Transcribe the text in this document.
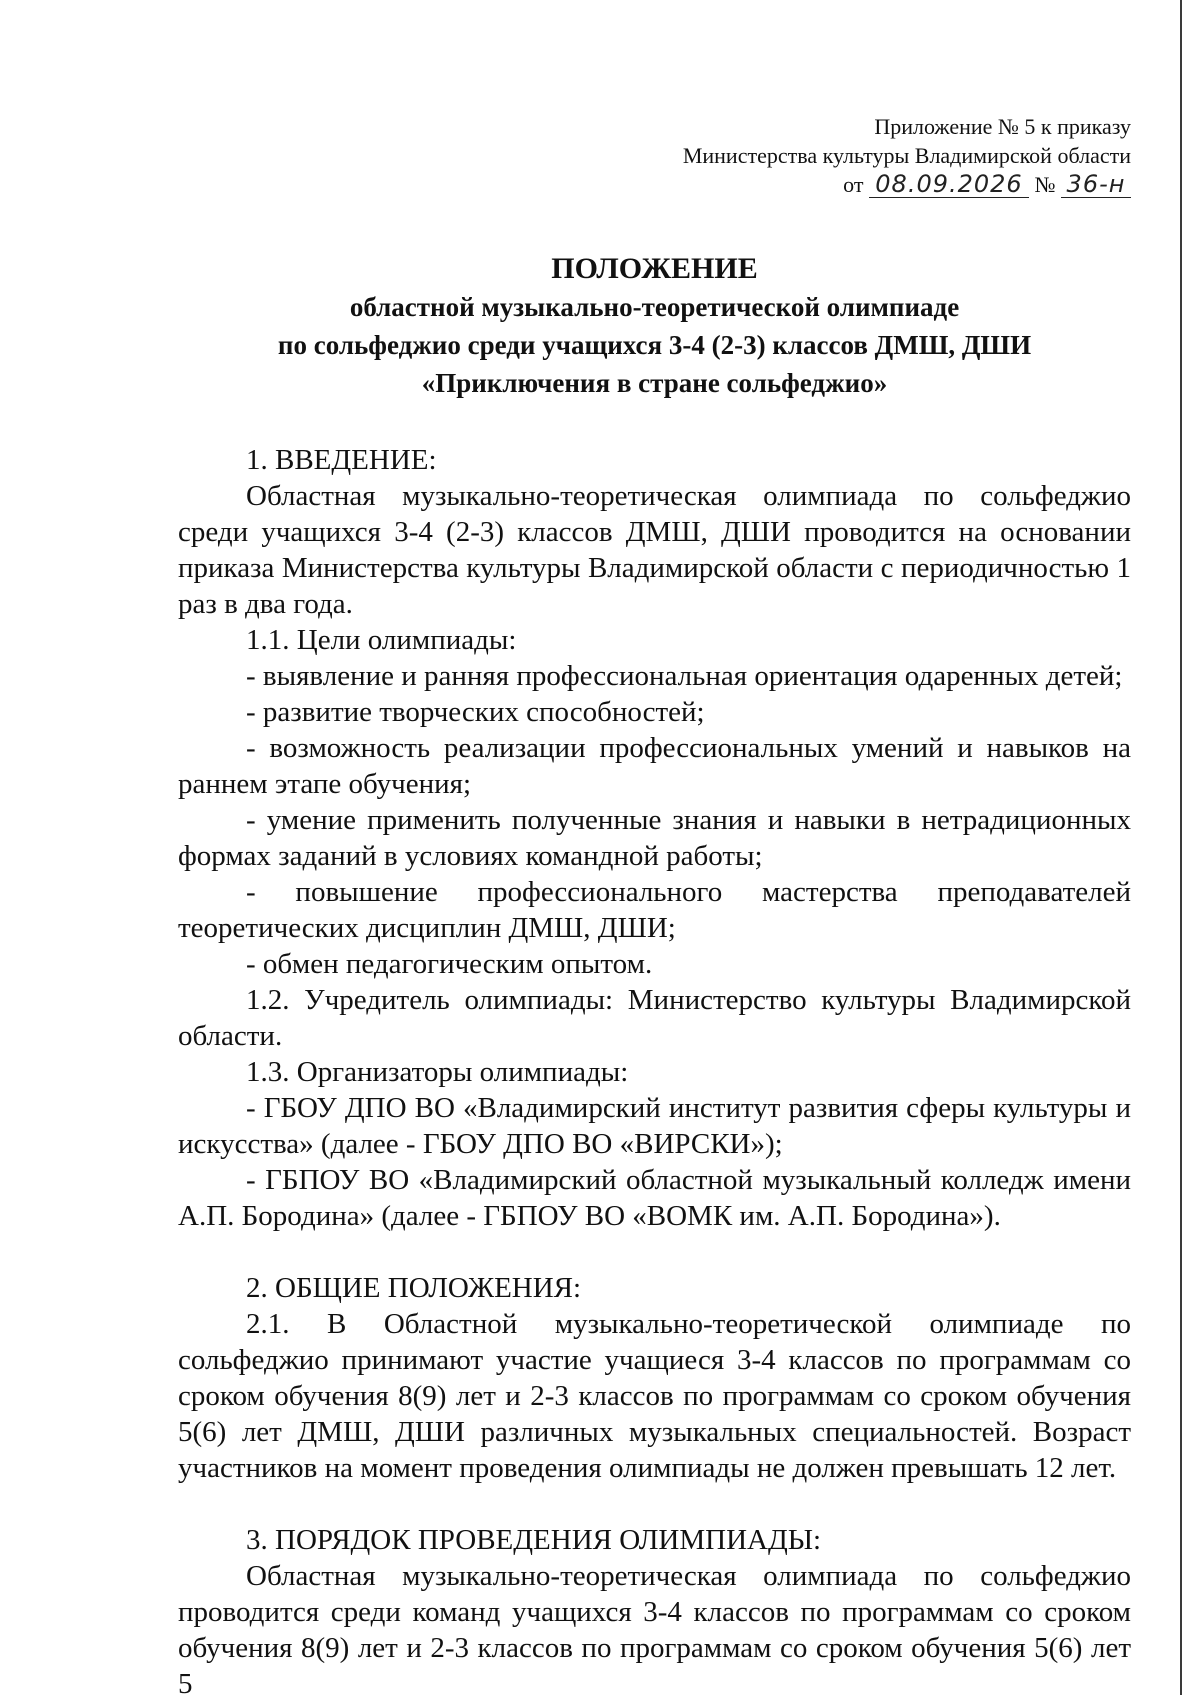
Приложение № 5 к приказу
Министерства культуры Владимирской области
от 08.09.2026 № 36-н
ПОЛОЖЕНИЕ
областной музыкально-теоретической олимпиаде
по сольфеджио среди учащихся 3-4 (2-3) классов ДМШ, ДШИ
«Приключения в стране сольфеджио»
1. ВВЕДЕНИЕ:

Областная музыкально-теоретическая олимпиада по сольфеджио среди учащихся 3-4 (2-3) классов ДМШ, ДШИ проводится на основании приказа Министерства культуры Владимирской области с периодичностью 1 раз в два года.

1.1. Цели олимпиады:

- выявление и ранняя профессиональная ориентация одаренных детей;

- развитие творческих способностей;

- возможность реализации профессиональных умений и навыков на раннем этапе обучения;

- умение применить полученные знания и навыки в нетрадиционных формах заданий в условиях командной работы;

- повышение профессионального мастерства преподавателей теоретических дисциплин ДМШ, ДШИ;

- обмен педагогическим опытом.

1.2. Учредитель олимпиады: Министерство культуры Владимирской области.

1.3. Организаторы олимпиады:

- ГБОУ ДПО ВО «Владимирский институт развития сферы культуры и искусства» (далее - ГБОУ ДПО ВО «ВИРСКИ»);

- ГБПОУ ВО «Владимирский областной музыкальный колледж имени А.П. Бородина» (далее - ГБПОУ ВО «ВОМК им. А.П. Бородина»).

2. ОБЩИЕ ПОЛОЖЕНИЯ:

2.1. В Областной музыкально-теоретической олимпиаде по сольфеджио принимают участие учащиеся 3-4 классов по программам со сроком обучения 8(9) лет и 2-3 классов по программам со сроком обучения 5(6) лет ДМШ, ДШИ различных музыкальных специальностей. Возраст участников на момент проведения олимпиады не должен превышать 12 лет.

3. ПОРЯДОК ПРОВЕДЕНИЯ ОЛИМПИАДЫ:

Областная музыкально-теоретическая олимпиада по сольфеджио проводится среди команд учащихся 3-4 классов по программам со сроком обучения 8(9) лет и 2-3 классов по программам со сроком обучения 5(6) лет 5
